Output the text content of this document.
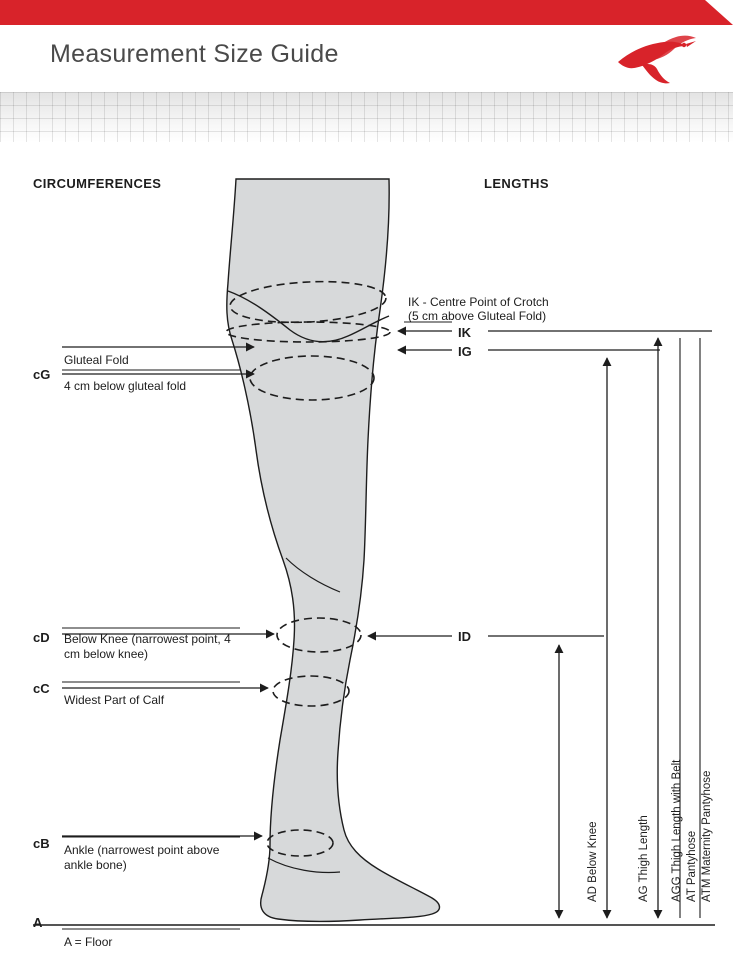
Measurement Size Guide
CIRCUMFERENCES	LENGTHS
cG
cD
cC
cB
A
Gluteal Fold
4 cm below gluteal fold
Below Knee (narrowest point, 4 cm below knee)
Widest Part of Calf
Ankle (narrowest point above ankle bone)
A = Floor
IK - Centre Point of Crotch
(5 cm above Gluteal Fold)
IK
IG
ID
AD Below Knee	AG Thigh Length AGG Thigh Length with Belt AT Pantyhose ATM Maternity Pantyhose
